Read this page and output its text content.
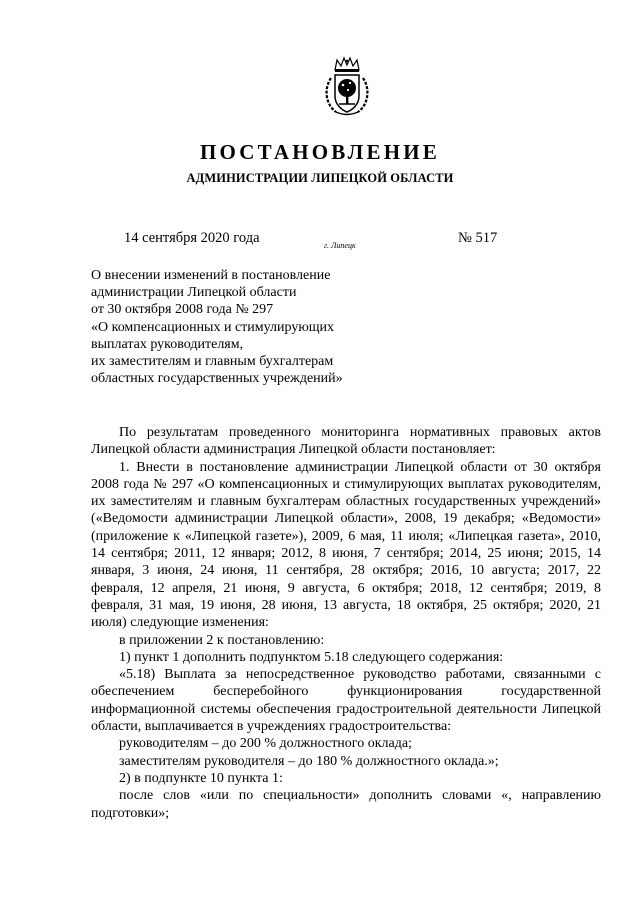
ПОСТАНОВЛЕНИЕ
АДМИНИСТРАЦИИ ЛИПЕЦКОЙ ОБЛАСТИ
14 сентября 2020 года	г. Липецк	№ 517
О внесении изменений в постановление
администрации Липецкой области
от 30 октября 2008 года № 297
«О компенсационных и стимулирующих
выплатах руководителям,
их заместителям и главным бухгалтерам
областных государственных учреждений»

По результатам проведенного мониторинга нормативных правовых актов Липецкой области администрация Липецкой области постановляет:

1. Внести в постановление администрации Липецкой области от 30 октября 2008 года № 297 «О компенсационных и стимулирующих выплатах руководителям, их заместителям и главным бухгалтерам областных государственных учреждений» («Ведомости администрации Липецкой области», 2008, 19 декабря; «Ведомости» (приложение к «Липецкой газете»), 2009, 6 мая, 11 июля; «Липецкая газета», 2010, 14 сентября; 2011, 12 января; 2012, 8 июня, 7 сентября; 2014, 25 июня; 2015, 14 января, 3 июня, 24 июня, 11 сентября, 28 октября; 2016, 10 августа; 2017, 22 февраля, 12 апреля, 21 июня, 9 августа, 6 октября; 2018, 12 сентября; 2019, 8 февраля, 31 мая, 19 июня, 28 июня, 13 августа, 18 октября, 25 октября; 2020, 21 июля) следующие изменения:

в приложении 2 к постановлению:

1) пункт 1 дополнить подпунктом 5.18 следующего содержания:

«5.18) Выплата за непосредственное руководство работами, связанными с обеспечением бесперебойного функционирования государственной информационной системы обеспечения градостроительной деятельности Липецкой области, выплачивается в учреждениях градостроительства:

руководителям – до 200 % должностного оклада;

заместителям руководителя – до 180 % должностного оклада.»;

2) в подпункте 10 пункта 1:

после слов «или по специальности» дополнить словами «, направлению подготовки»;
